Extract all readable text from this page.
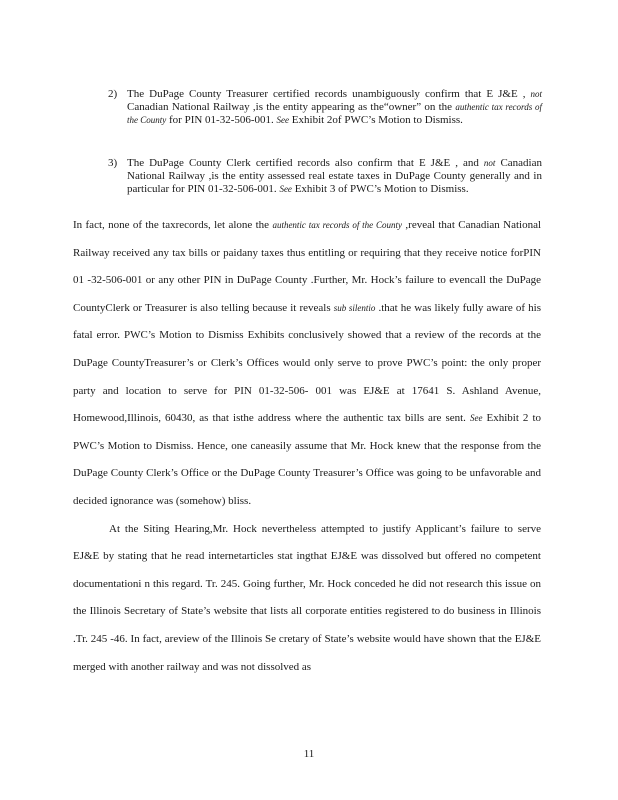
2) The DuPage County Treasurer certified records unambiguously confirm that E J&E , not Canadian National Railway ,is the entity appearing as the“owner” on the authentic tax records of the County for PIN 01-32-506-001. See Exhibit 2of PWC’s Motion to Dismiss.
3) The DuPage County Clerk certified records also confirm that E J&E , and not Canadian National Railway ,is the entity assessed real estate taxes in DuPage County generally and in particular for PIN 01-32-506-001. See Exhibit 3 of PWC’s Motion to Dismiss.

In fact, none of the taxrecords, let alone the authentic tax records of the County ,reveal that Canadian National Railway received any tax bills or paidany taxes thus entitling or requiring that they receive notice forPIN 01 -32-506-001 or any other PIN in DuPage County .Further, Mr. Hock’s failure to evencall the DuPage CountyClerk or Treasurer is also telling because it reveals sub silentio .that he was likely fully aware of his fatal error. PWC’s Motion to Dismiss Exhibits conclusively showed that a review of the records at the DuPage CountyTreasurer’s or Clerk’s Offices would only serve to prove PWC’s point: the only proper party and location to serve for PIN 01-32-506- 001 was EJ&E at 17641 S. Ashland Avenue, Homewood,Illinois, 60430, as that isthe address where the authentic tax bills are sent. See Exhibit 2 to PWC’s Motion to Dismiss. Hence, one caneasily assume that Mr. Hock knew that the response from the DuPage County Clerk’s Office or the DuPage County Treasurer’s Office was going to be unfavorable and decided ignorance was (somehow) bliss.

At the Siting Hearing,Mr. Hock nevertheless attempted to justify Applicant’s failure to serve EJ&E by stating that he read internetarticles stat ingthat EJ&E was dissolved but offered no competent documentationi n this regard. Tr. 245. Going further, Mr. Hock conceded he did not research this issue on the Illinois Secretary of State’s website that lists all corporate entities registered to do business in Illinois .Tr. 245 -46. In fact, areview of the Illinois Se cretary of State’s website would have shown that the EJ&E merged with another railway and was not dissolved as

11
